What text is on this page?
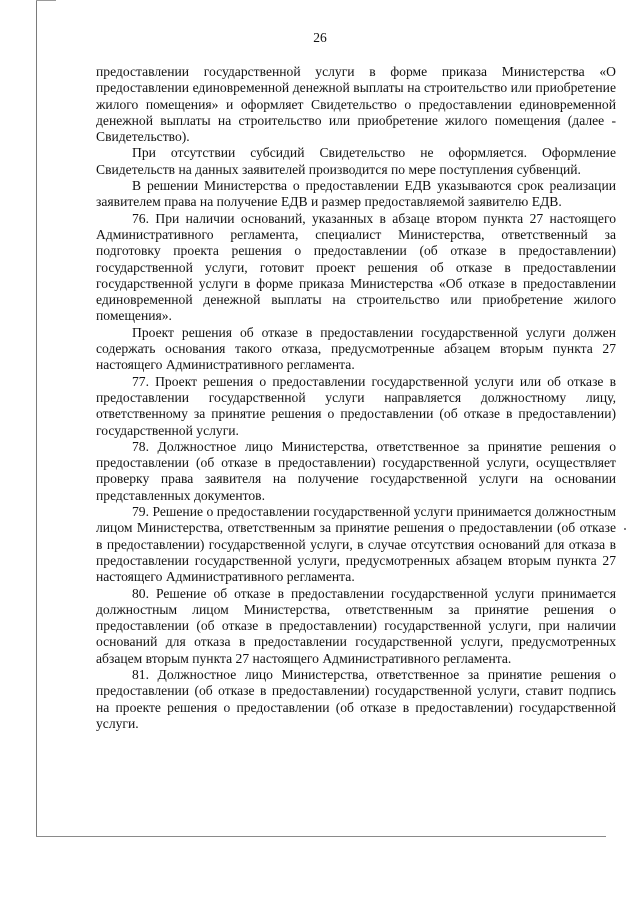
26

предоставлении государственной услуги в форме приказа Министерства «О предоставлении единовременной денежной выплаты на строительство или приобретение жилого помещения» и оформляет Свидетельство о предоставлении единовременной денежной выплаты на строительство или приобретение жилого помещения (далее - Свидетельство).

При отсутствии субсидий Свидетельство не оформляется. Оформление Свидетельств на данных заявителей производится по мере поступления субвенций.

В решении Министерства о предоставлении ЕДВ указываются срок реализации заявителем права на получение ЕДВ и размер предоставляемой заявителю ЕДВ.

76. При наличии оснований, указанных в абзаце втором пункта 27 настоящего Административного регламента, специалист Министерства, ответственный за подготовку проекта решения о предоставлении (об отказе в предоставлении) государственной услуги, готовит проект решения об отказе в предоставлении государственной услуги в форме приказа Министерства «Об отказе в предоставлении единовременной денежной выплаты на строительство или приобретение жилого помещения».

Проект решения об отказе в предоставлении государственной услуги должен содержать основания такого отказа, предусмотренные абзацем вторым пункта 27 настоящего Административного регламента.

77. Проект решения о предоставлении государственной услуги или об отказе в предоставлении государственной услуги направляется должностному лицу, ответственному за принятие решения о предоставлении (об отказе в предоставлении) государственной услуги.

78. Должностное лицо Министерства, ответственное за принятие решения о предоставлении (об отказе в предоставлении) государственной услуги, осуществляет проверку права заявителя на получение государственной услуги на основании представленных документов.

79. Решение о предоставлении государственной услуги принимается должностным лицом Министерства, ответственным за принятие решения о предоставлении (об отказе в предоставлении) государственной услуги, в случае отсутствия оснований для отказа в предоставлении государственной услуги, предусмотренных абзацем вторым пункта 27 настоящего Административного регламента.

80. Решение об отказе в предоставлении государственной услуги принимается должностным лицом Министерства, ответственным за принятие решения о предоставлении (об отказе в предоставлении) государственной услуги, при наличии оснований для отказа в предоставлении государственной услуги, предусмотренных абзацем вторым пункта 27 настоящего Административного регламента.

81. Должностное лицо Министерства, ответственное за принятие решения о предоставлении (об отказе в предоставлении) государственной услуги, ставит подпись на проекте решения о предоставлении (об отказе в предоставлении) государственной услуги.
